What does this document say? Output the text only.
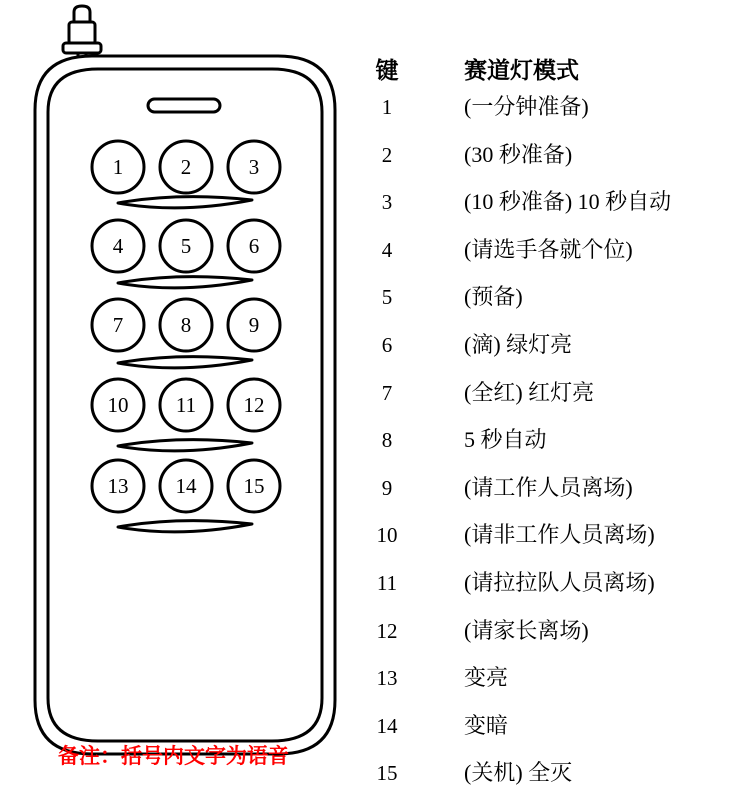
1	2	3
4	5	6
7	8	9
10	11	12
13	14	15
键	赛道灯模式
1	(一分钟准备)
2	(30 秒准备)
3	(10 秒准备) 10 秒自动
4	(请选手各就个位)
5	(预备)
6	(滴) 绿灯亮
7	(全红) 红灯亮
8	5 秒自动
9	(请工作人员离场)
10	(请非工作人员离场)
11	(请拉拉队人员离场)
12	(请家长离场)
13	变亮
14	变暗
15	(关机) 全灭
备注：括号内文字为语音
